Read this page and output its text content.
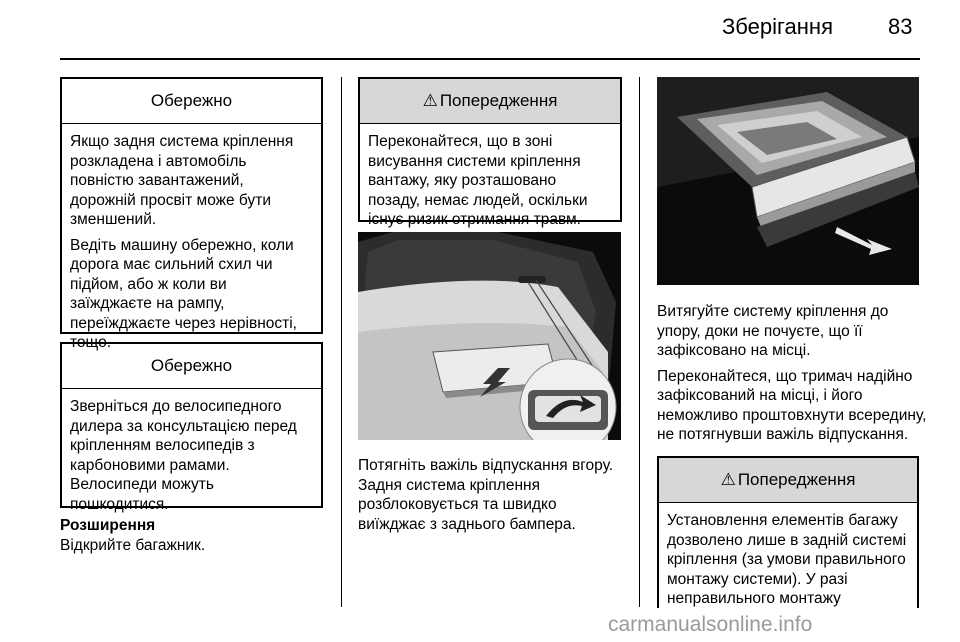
Зберігання	83
Обережно

Якщо задня система кріплення розкладена і автомобіль повністю завантажений, дорожній просвіт може бути зменшений.

Ведіть машину обережно, коли дорога має сильний схил чи підйом, або ж коли ви заїжджаєте на рампу, переїжджаєте через нерівності, тощо.

Обережно

Зверніться до велосипедного дилера за консультацією перед кріпленням велосипедів з карбоновими рамами. Велосипеди можуть пошкодитися.

Розширення
Відкрийте багажник.
⚠ Попередження

Переконайтеся, що в зоні висування системи кріплення вантажу, яку розташовано позаду, немає людей, оскільки існує ризик отримання травм.

Потягніть важіль відпускання вгору. Задня система кріплення розблоковується та швидко виїжджає з заднього бампера.

Витягуйте систему кріплення до упору, доки не почуєте, що її зафіксовано на місці.

Переконайтеся, що тримач надійно зафіксований на місці, і його неможливо проштовхнути всередину, не потягнувши важіль відпускання.

⚠ Попередження

Установлення елементів багажу дозволено лише в задній системі кріплення (за умови правильного монтажу системи). У разі неправильного монтажу

carmanualsonline.info
